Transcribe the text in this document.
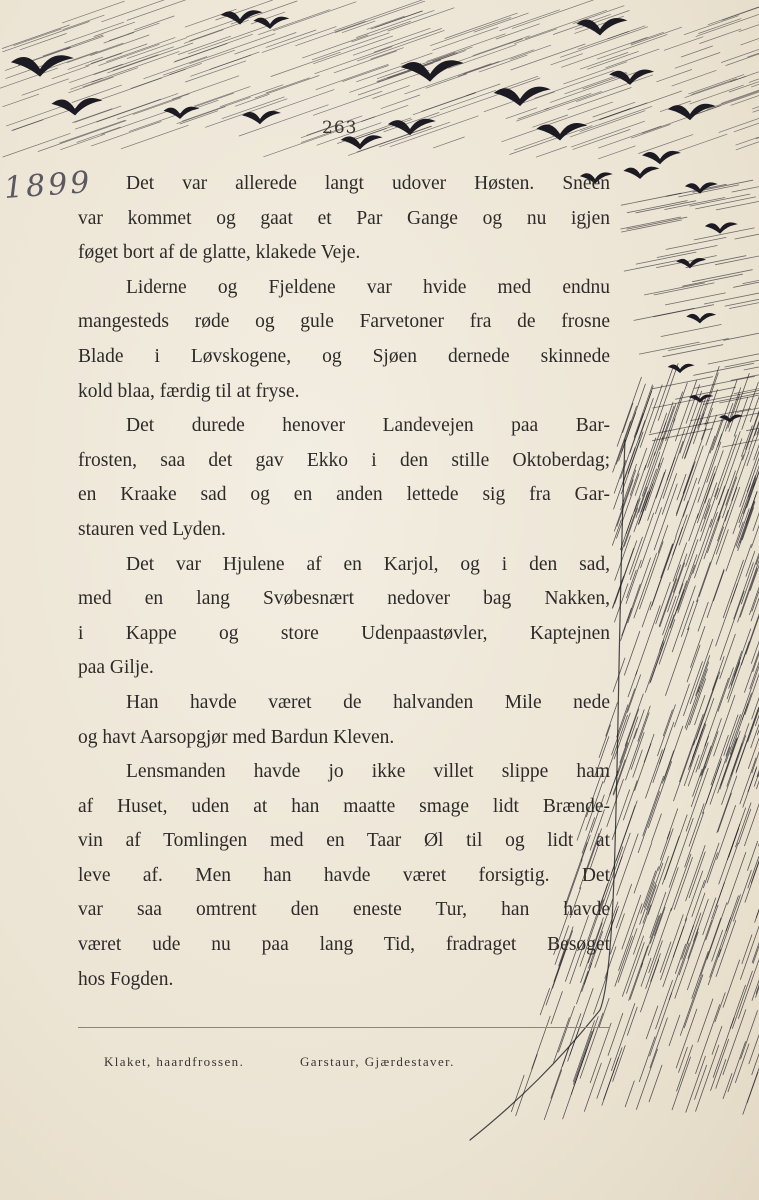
263
1899	Det var allerede langt udover Høsten. Sneen
var kommet og gaat et Par Gange og nu igjen
føget bort af de glatte, klakede Veje.
Liderne og Fjeldene var hvide med endnu
mangesteds røde og gule Farvetoner fra de frosne
Blade i Løvskogene, og Sjøen dernede skinnede
kold blaa, færdig til at fryse.
Det durede henover Landevejen paa Bar-
frosten, saa det gav Ekko i den stille Oktoberdag;
en Kraake sad og en anden lettede sig fra Gar-
stauren ved Lyden.
Det var Hjulene af en Karjol, og i den sad,
med en lang Svøbesnært nedover bag Nakken,
i Kappe og store Udenpaastøvler, Kaptejnen
paa Gilje.
Han havde været de halvanden Mile nede
og havt Aarsopgjør med Bardun Kleven.
Lensmanden havde jo ikke villet slippe ham
af Huset, uden at han maatte smage lidt Brænde-
vin af Tomlingen med en Taar Øl til og lidt at
leve af. Men han havde været forsigtig. Det
var saa omtrent den eneste Tur, han havde
været ude nu paa lang Tid, fradraget Besøget
hos Fogden.
Klaket, haardfrossen.	Garstaur, Gjærdestaver.
